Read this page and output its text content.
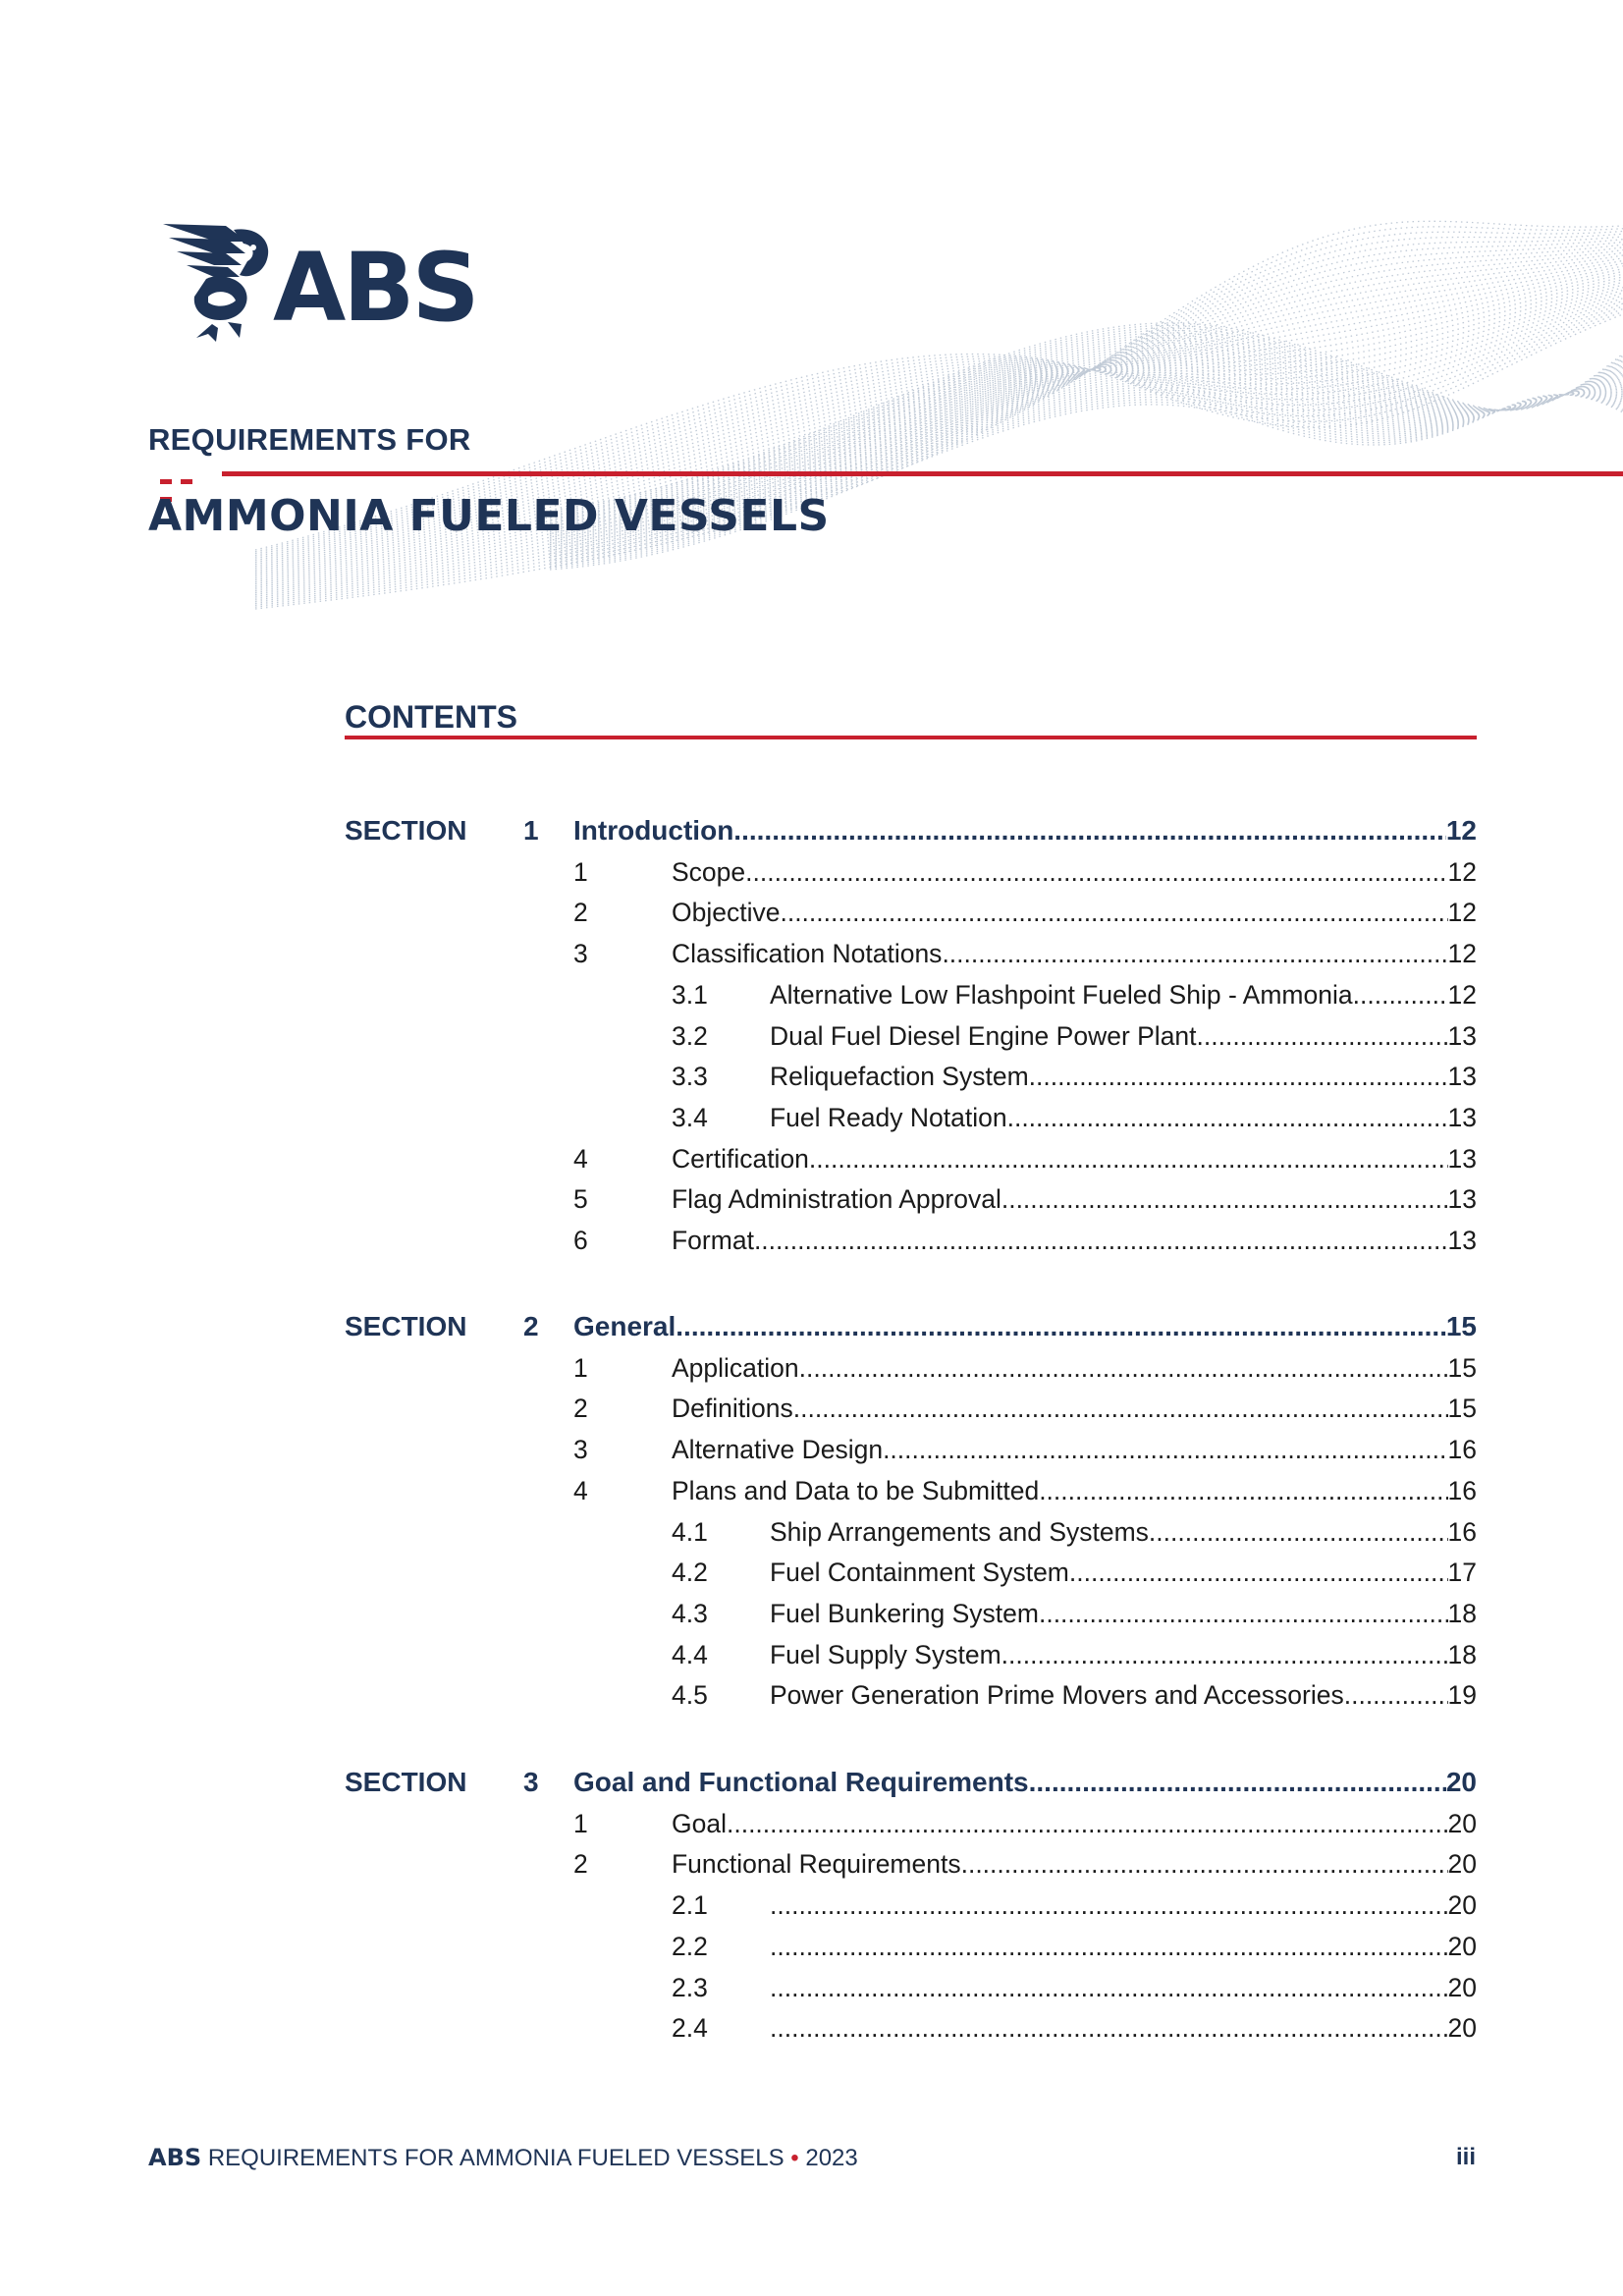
ABS
REQUIREMENTS FOR
AMMONIA FUELED VESSELS
CONTENTS
SECTION 1 Introduction .....	12
1	Scope .....	12
2	Objective .....	12
3	Classification Notations .....	12
3.1 Alternative Low Flashpoint Fueled Ship - Ammonia .....	12
3.2 Dual Fuel Diesel Engine Power Plant .....	13
3.3 Reliquefaction System .....	13
3.4 Fuel Ready Notation .....	13
4	Certification .....	13
5	Flag Administration Approval .....	13
6	Format .....	13
SECTION 2 General .....	15
1	Application .....	15
2	Definitions .....	15
3	Alternative Design .....	16
4	Plans and Data to be Submitted .....	16
4.1 Ship Arrangements and Systems .....	16
4.2 Fuel Containment System .....	17
4.3 Fuel Bunkering System .....	18
4.4 Fuel Supply System .....	18
4.5 Power Generation Prime Movers and Accessories .....	19
SECTION 3 Goal and Functional Requirements .....	20
1	Goal .....	20
2	Functional Requirements .....	20
2.1 .....	20
2.2 .....	20
2.3 .....	20
2.4 .....	20
ABS REQUIREMENTS FOR AMMONIA FUELED VESSELS • 2023	iii
